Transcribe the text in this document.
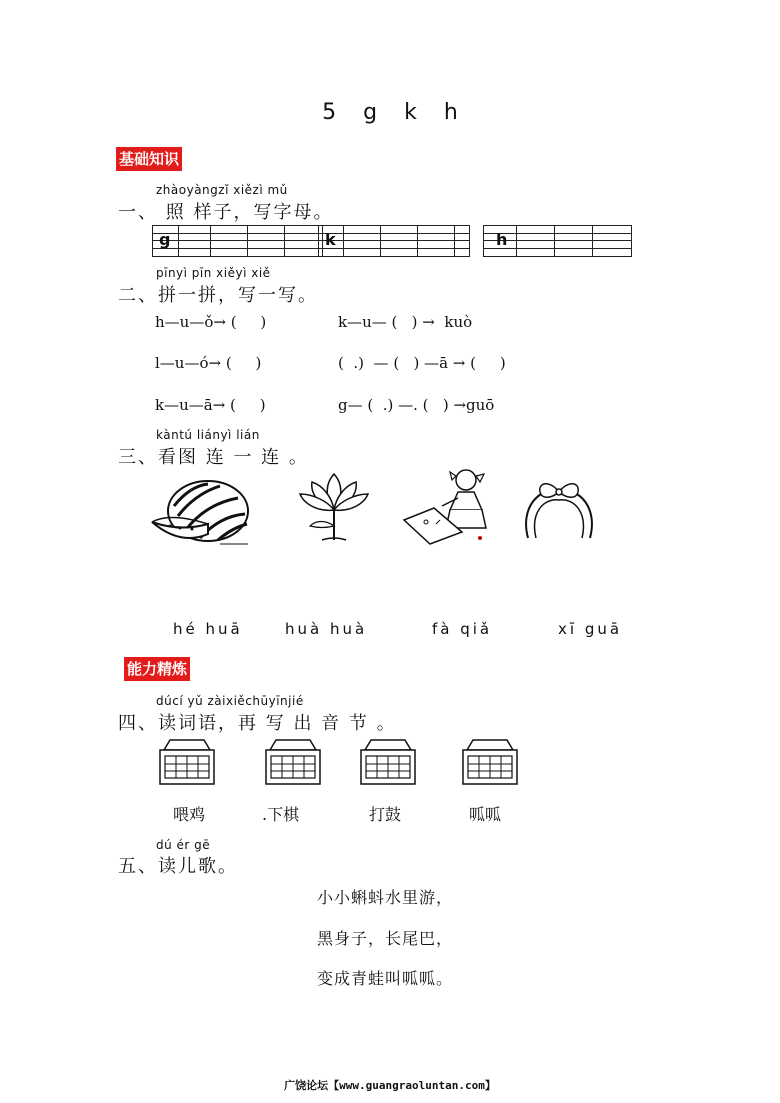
5 g k h
基础知识
zhàoyàngzǐ xiězì mǔ
一、 照 样子，写字母。
g	k	h
pīnyì pīn xiěyì xiě
二、拼一拼，写一写。
h—u—ǒ→ (     )	k—u— (   ) →  kuò
l—u—ó→ (     )	(  .)  — (   ) —ā → (     )
k—u—ā→ (     )	g— (  .) —. (   ) →guō
kàntú liányì lián
三、看图 连 一 连 。
hé huā	huà huà	fà qiǎ	xī guā
能力精炼
dúcí yǔ zàixiěchūyīnjié
四、读词语，再 写 出 音 节 。
喂鸡	.下棋	打鼓	呱呱
dú ér gē
五、读儿歌。
小小蝌蚪水里游，
黑身子，长尾巴，
变成青蛙叫呱呱。
广饶论坛【www.guangraoluntan.com】
